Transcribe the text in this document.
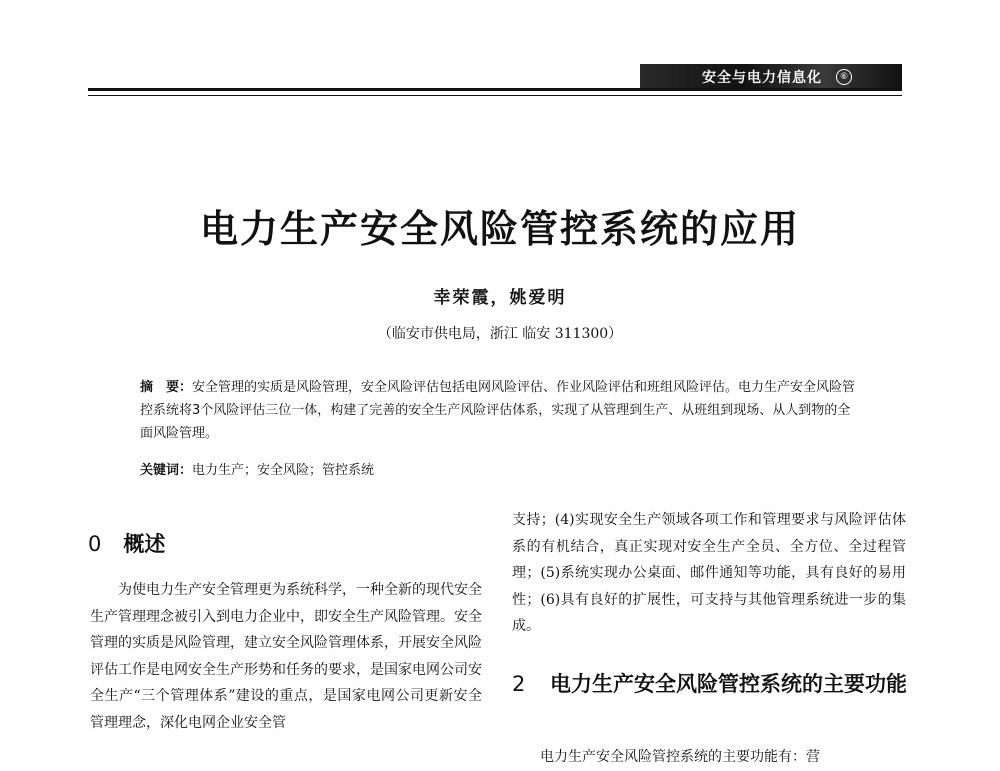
安全与电力信息化	⑥
电力生产安全风险管控系统的应用
幸荣霞，姚爱明
（临安市供电局，浙江 临安 311300）
摘　要：安全管理的实质是风险管理，安全风险评估包括电网风险评估、作业风险评估和班组风险评估。电力生产安全风险管控系统将3个风险评估三位一体，构建了完善的安全生产风险评估体系，实现了从管理到生产、从班组到现场、从人到物的全面风险管理。
关键词：电力生产；安全风险；管控系统
0 概述

为使电力生产安全管理更为系统科学，一种全新的现代安全生产管理理念被引入到电力企业中，即安全生产风险管理。安全管理的实质是风险管理，建立安全风险管理体系，开展安全风险评估工作是电网安全生产形势和任务的要求，是国家电网公司安全生产“三个管理体系”建设的重点，是国家电网公司更新安全管理理念，深化电网企业安全管

支持；(4)实现安全生产领域各项工作和管理要求与风险评估体系的有机结合，真正实现对安全生产全员、全方位、全过程管理；(5)系统实现办公桌面、邮件通知等功能，具有良好的易用性；(6)具有良好的扩展性，可支持与其他管理系统进一步的集成。

2 电力生产安全风险管控系统的主要功能
电力生产安全风险管控系统的主要功能有：营
